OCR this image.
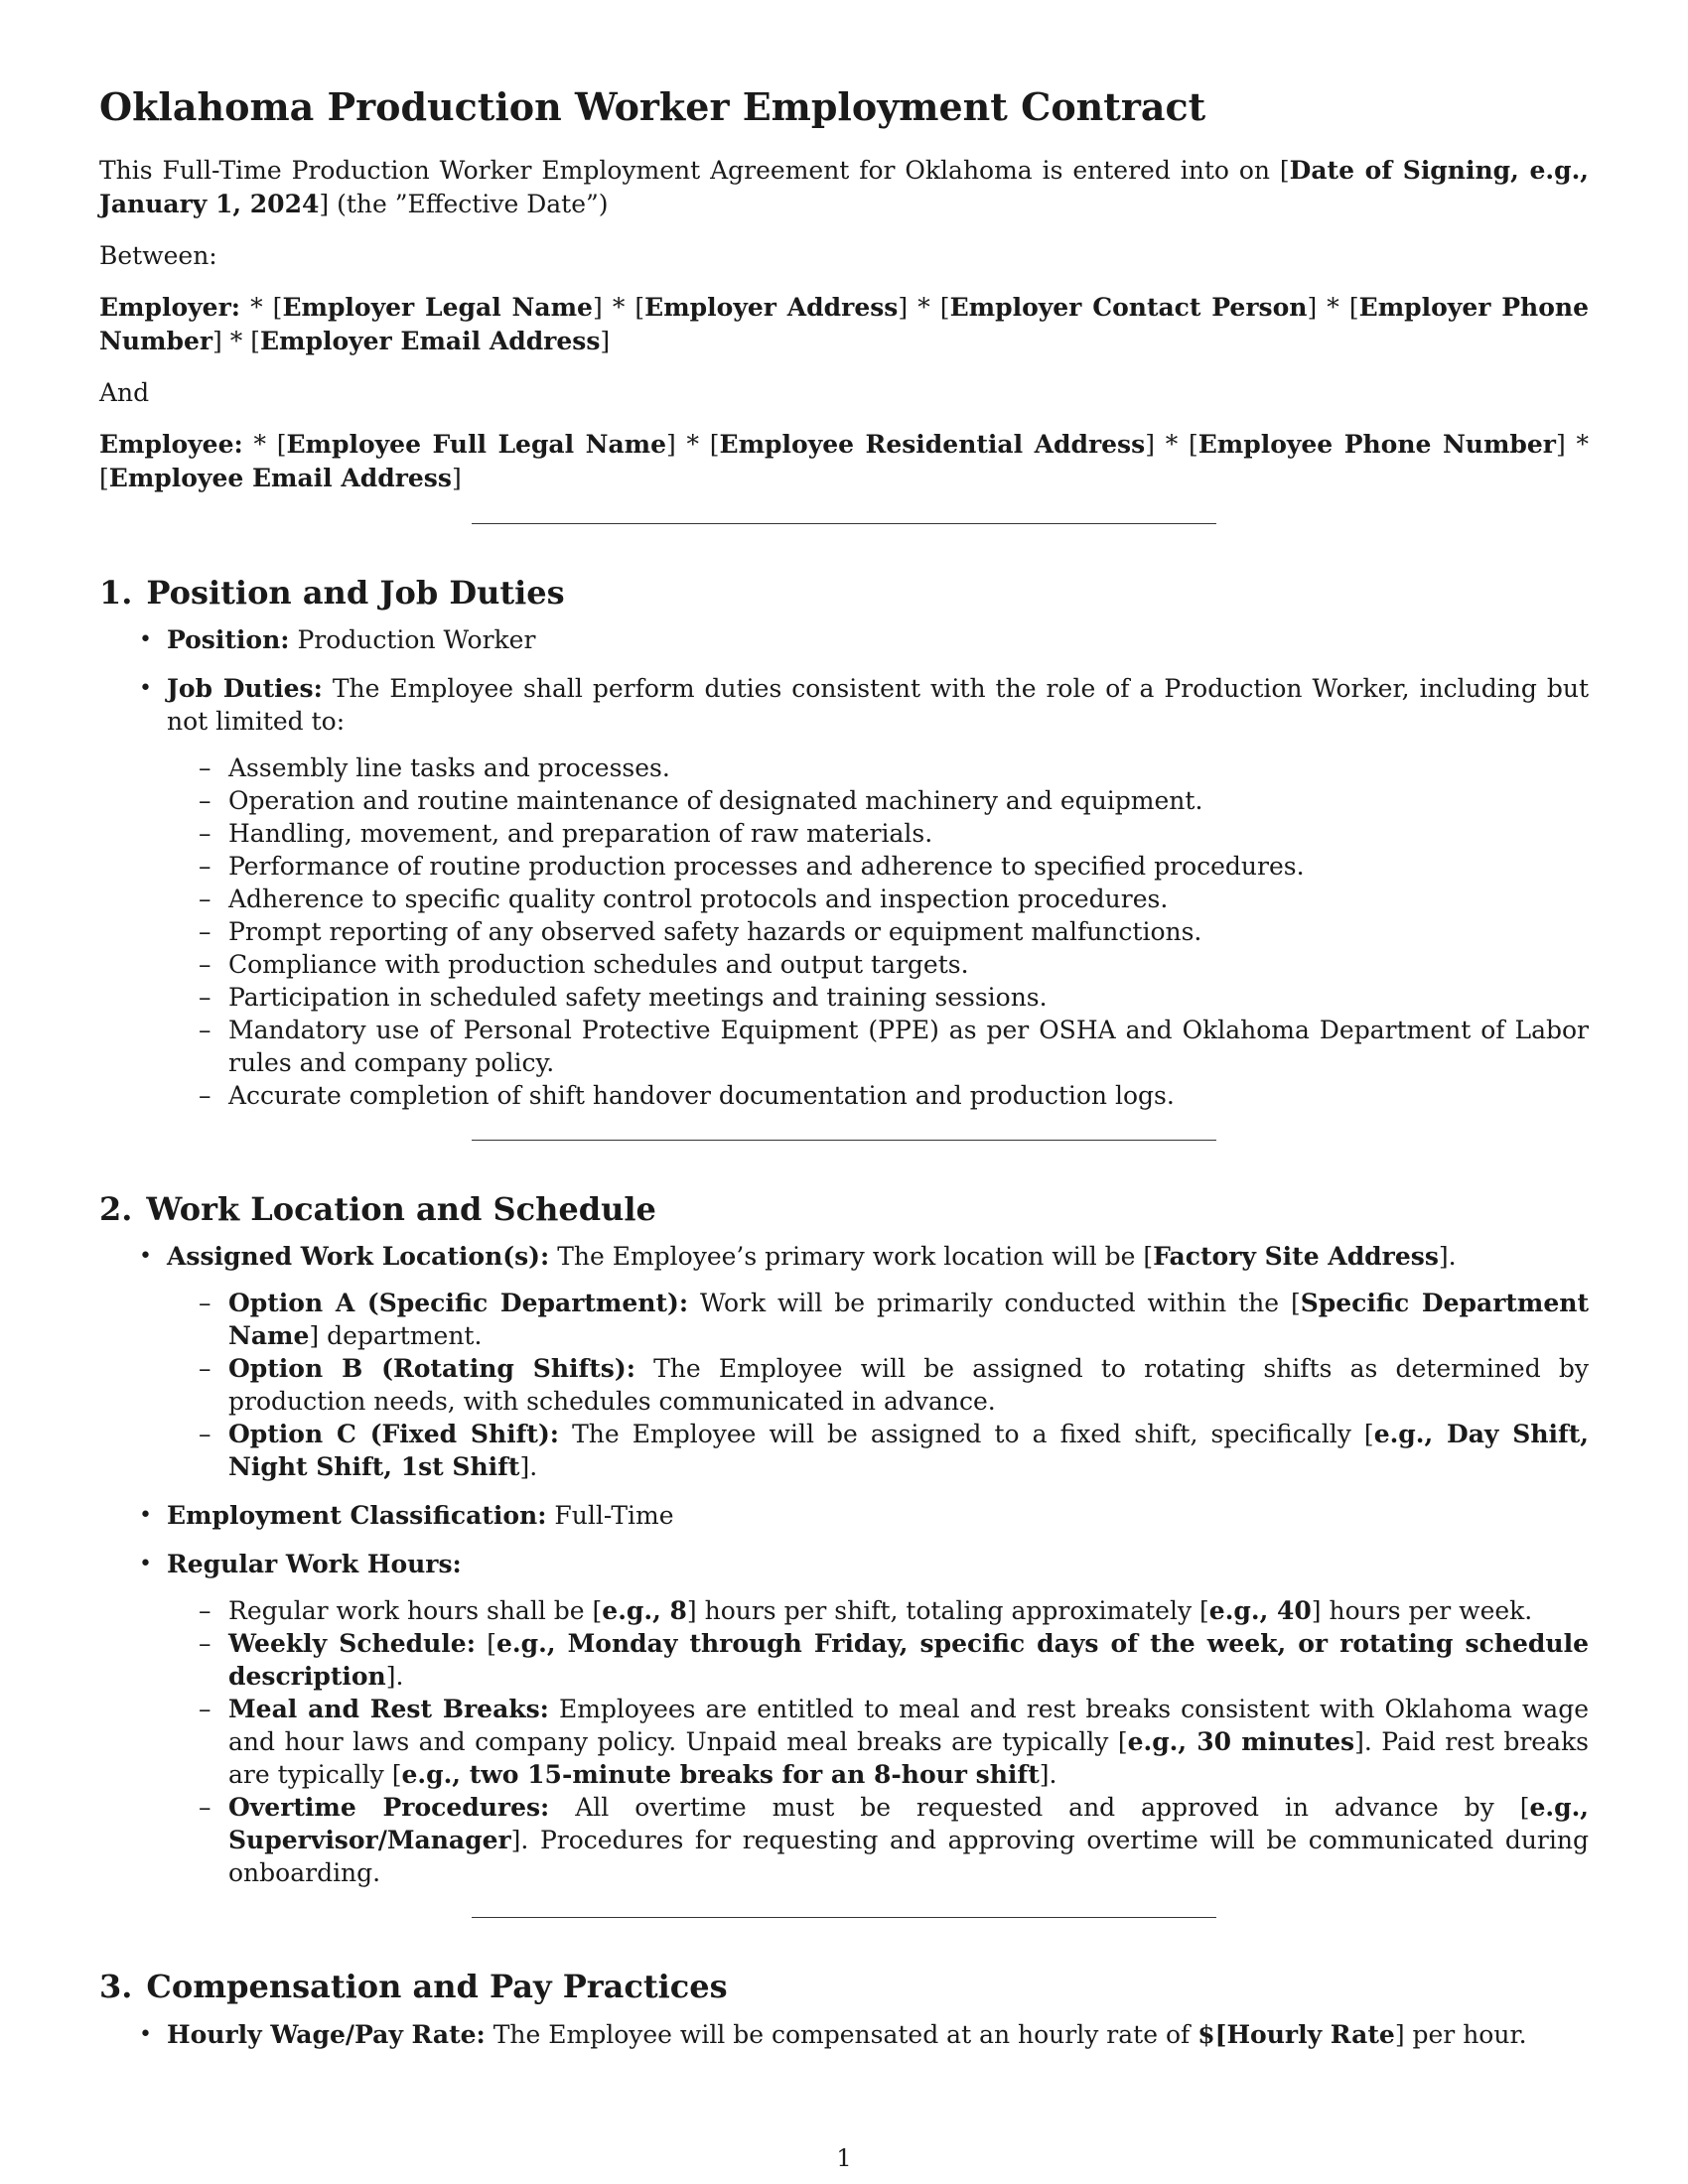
Oklahoma Production Worker Employment Contract

This Full-Time Production Worker Employment Agreement for Oklahoma is entered into on [Date of Signing, e.g., January 1, 2024] (the ”Effective Date”)

Between:

Employer: * [Employer Legal Name] * [Employer Address] * [Employer Contact Person] * [Employer Phone Number] * [Employer Email Address]

And

Employee: * [Employee Full Legal Name] * [Employee Residential Address] * [Employee Phone Number] * [Employee Email Address]

1. Position and Job Duties
• Position: Production Worker
• Job Duties: The Employee shall perform duties consistent with the role of a Production Worker, including but not limited to:
– Assembly line tasks and processes.
– Operation and routine maintenance of designated machinery and equipment.
– Handling, movement, and preparation of raw materials.
– Performance of routine production processes and adherence to specified procedures.
– Adherence to specific quality control protocols and inspection procedures.
– Prompt reporting of any observed safety hazards or equipment malfunctions.
– Compliance with production schedules and output targets.
– Participation in scheduled safety meetings and training sessions.
– Mandatory use of Personal Protective Equipment (PPE) as per OSHA and Oklahoma Department of Labor rules and company policy.
– Accurate completion of shift handover documentation and production logs.
2. Work Location and Schedule
• Assigned Work Location(s): The Employee’s primary work location will be [Factory Site Address].
– Option A (Specific Department): Work will be primarily conducted within the [Specific Department Name] department.
– Option B (Rotating Shifts): The Employee will be assigned to rotating shifts as determined by production needs, with schedules communicated in advance.
– Option C (Fixed Shift): The Employee will be assigned to a fixed shift, specifically [e.g., Day Shift, Night Shift, 1st Shift].
• Employment Classification: Full-Time
• Regular Work Hours:
– Regular work hours shall be [e.g., 8] hours per shift, totaling approximately [e.g., 40] hours per week.
– Weekly Schedule: [e.g., Monday through Friday, specific days of the week, or rotating schedule description].
– Meal and Rest Breaks: Employees are entitled to meal and rest breaks consistent with Oklahoma wage and hour laws and company policy. Unpaid meal breaks are typically [e.g., 30 minutes]. Paid rest breaks are typically [e.g., two 15-minute breaks for an 8-hour shift].
– Overtime Procedures: All overtime must be requested and approved in advance by [e.g., Supervisor/Manager]. Procedures for requesting and approving overtime will be communicated during onboarding.
3. Compensation and Pay Practices
• Hourly Wage/Pay Rate: The Employee will be compensated at an hourly rate of $[Hourly Rate] per hour.
1
